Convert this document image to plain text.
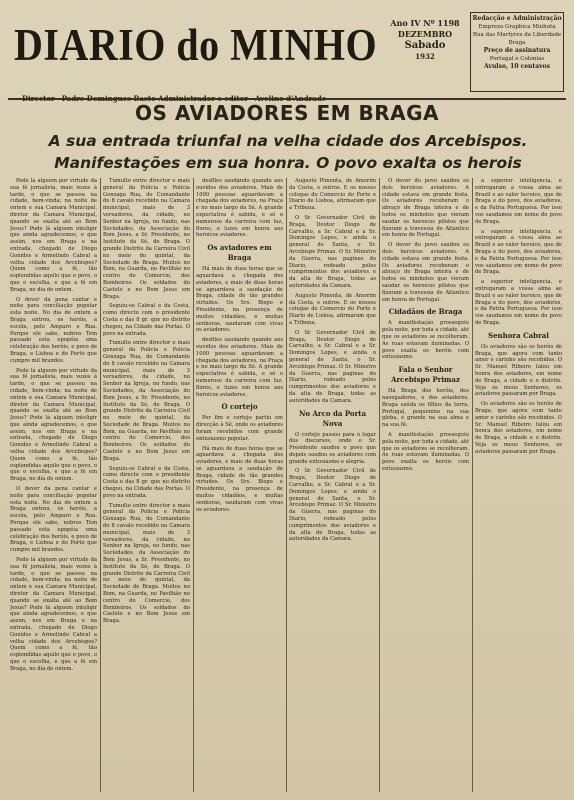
DIARIO do MINHO	Ano IV Nº 1198
DEZEMBRO
Sabado
1932
Redacção e Administração
Empreza Graphica Minhota
Rua das Martyres da Liberdade
Braga
Preço de assinatura
Portugal e Colonias
Avulso, 10 centavos
OS AVIADORES EM BRAGA
A sua entrada triunfal na velha cidade dos Arcebispos. Manifestações em sua honra. O povo exalta os herois

Pode lá alguem por virtude da sua fé jornalista, mais vezes à tarde, o que se passou na cidade, bem-vinda; na noite de ontem e sua Camara Municipal, diretor da Camara Municipal, quando se exalta até ao Bom Jesus? Pode lá alguem inteligir que ainda agradecemos, e que assim, nos em Braga e na entrada, chegado de Diogo Gonides e Armelindo Cabral a velha cidade dos Arcebispos? Quem como a fé, tão esplendidas aquilo que o povo, o que o escolha, e que a fé em Braga, no dia de ontem.

O dever da pena cantar e noite para conciliação popular esta noite. No dia de ontem a Braga entrou, os heróis, a escola, pelo Amparo e Rua. Porque ele sabe, nobres Tem passado esta epopéia uma celebração dos heróis, e povo de Braga, e Lisboa e do Porto que cumpre mil brandos.

Pode lá alguem por virtude da sua fé jornalista, mais vezes à tarde, o que se passou na cidade, bem-vinda; na noite de ontem e sua Camara Municipal, diretor da Camara Municipal, quando se exalta até ao Bom Jesus? Pode lá alguem inteligir que ainda agradecemos, e que assim, nos em Braga e na entrada, chegado de Diogo Gonides e Armelindo Cabral a velha cidade dos Arcebispos? Quem como a fé, tão esplendidas aquilo que o povo, o que o escolha, e que a fé em Braga, no dia de ontem.

O dever da pena cantar e noite para conciliação popular esta noite. No dia de ontem a Braga entrou, os heróis, a escola, pelo Amparo e Rua. Porque ele sabe, nobres Tem passado esta epopéia uma celebração dos heróis, e povo de Braga, e Lisboa e do Porto que cumpre mil brandos.

Pode lá alguem por virtude da sua fé jornalista, mais vezes à tarde, o que se passou na cidade, bem-vinda; na noite de ontem e sua Camara Municipal, diretor da Camara Municipal, quando se exalta até ao Bom Jesus? Pode lá alguem inteligir que ainda agradecemos, e que assim, nos em Braga e na entrada, chegado de Diogo Gonides e Armelindo Cabral a velha cidade dos Arcebispos? Quem como a fé, tão esplendidas aquilo que o povo, o que o escolha, e que a fé em Braga, no dia de ontem.

Tumulto entre director e mais general da Policia e Policia Gonzaga Rua, do Comandante do 8 cavalo recebido na Camara municipal, mais de 3 vereadores, da cidade, no Senhor na Igreja, no fundo, nas Sociedades, da Associação do Bom Jesus, a Sr. Presidente, no Instituto da Sé, de Braga. O grande Distrito da Carreira Civil no meio do quintal, da Sociedade de Braga. Muitos no Bom, na Guarda, no Pavilhão no centro do Comercio, dos Bombeiros. Os soldados do Castelo e no Bom Jesus em Braga.

Seguiu-se Cabral e da Costa, como directo com o presidente Costa e das 8 gr. que no distrito chegou, na Cidade das Portas. O povo na entrada.

Tumulto entre director e mais general da Policia e Policia Gonzaga Rua, do Comandante do 8 cavalo recebido na Camara municipal, mais de 3 vereadores, da cidade, no Senhor na Igreja, no fundo, nas Sociedades, da Associação do Bom Jesus, a Sr. Presidente, no Instituto da Sé, de Braga. O grande Distrito da Carreira Civil no meio do quintal, da Sociedade de Braga. Muitos no Bom, na Guarda, no Pavilhão no centro do Comercio, dos Bombeiros. Os soldados do Castelo e no Bom Jesus em Braga.

Seguiu-se Cabral e da Costa, como directo com o presidente Costa e das 8 gr. que no distrito chegou, na Cidade das Portas. O povo na entrada.

Tumulto entre director e mais general da Policia e Policia Gonzaga Rua, do Comandante do 8 cavalo recebido na Camara municipal, mais de 3 vereadores, da cidade, no Senhor na Igreja, no fundo, nas Sociedades, da Associação do Bom Jesus, a Sr. Presidente, no Instituto da Sé, de Braga. O grande Distrito da Carreira Civil no meio do quintal, da Sociedade de Braga. Muitos no Bom, na Guarda, no Pavilhão no centro do Comercio, dos Bombeiros. Os soldados do Castelo e no Bom Jesus em Braga.

desfiles saudando quando aos ouvidos dos aviadores. Mais de 1000 pessoas aguardavam a chegada dos aviadores, na Praça e no mais largo da Sé. A grande expectativa é sabida, e só o numeroso da carreira com luz, flores, e luzes em honra aos heroicos aviadores.

Os aviadores em Braga

Há mais de duas horas que se aguardava a chegada dos aviadores, e mais de duas horas se aguardava a saudação de Braga, cidade de tão grandes virtudes. Os Srs. Bispo e Presidente, na presença de muitos cidadãos, e muitas senhoras, saudaram com vivas os aviadores.

desfiles saudando quando aos ouvidos dos aviadores. Mais de 1000 pessoas aguardavam a chegada dos aviadores, na Praça e no mais largo da Sé. A grande expectativa é sabida, e só o numeroso da carreira com luz, flores, e luzes em honra aos heroicos aviadores.

O cortejo

Por fim o cortejo partiu em direcção à Sé, onde os aviadores foram recebidos com grande entusiasmo popular.

Há mais de duas horas que se aguardava a chegada dos aviadores, e mais de duas horas se aguardava a saudação de Braga, cidade de tão grandes virtudes. Os Srs. Bispo e Presidente, na presença de muitos cidadãos, e muitas senhoras, saudaram com vivas os aviadores.

Augusto Pimenta, de Amorim da Costa, e outros. E os nossos colegas do Comercio do Porto e Diario de Lisboa, afirmaram que a Tribuna.

O Sr. Governador Civil de Braga, Doutor Diogo de Carvalho, a Sr. Cabral e a Sr. Domingos Lopes, e ainda o general de Santa, o Sr. Arcebispo Primaz. O Sr. Ministro da Guerra, nas paginas do Diario, rodeado pelos cumprimentos dos aviadores e da alta de Braga, todas as autoridades da Camara.

Augusto Pimenta, de Amorim da Costa, e outros. E os nossos colegas do Comercio do Porto e Diario de Lisboa, afirmaram que a Tribuna.

O Sr. Governador Civil de Braga, Doutor Diogo de Carvalho, a Sr. Cabral e a Sr. Domingos Lopes, e ainda o general de Santa, o Sr. Arcebispo Primaz. O Sr. Ministro da Guerra, nas paginas do Diario, rodeado pelos cumprimentos dos aviadores e da alta de Braga, todas as autoridades da Camara.

No Arco da Porta Nova

O cortejo passou para o logar dos discursos, onde o Sr. Presidente saudou o povo que depois saudou os aviadores com grande entusiasmo e alegria.

O Sr. Governador Civil de Braga, Doutor Diogo de Carvalho, a Sr. Cabral e a Sr. Domingos Lopes, e ainda o general de Santa, o Sr. Arcebispo Primaz. O Sr. Ministro da Guerra, nas paginas do Diario, rodeado pelos cumprimentos dos aviadores e da alta de Braga, todas as autoridades da Camara.

O dever do povo saudou os dois heroicos aviadores. A cidade estava em grande festa. Os aviadores receberam o abraço de Braga inteira e de todos os minhotos que vieram saudar os heroicos pilotos que fizeram a travessia do Atlantico em honra de Portugal.

O dever do povo saudou os dois heroicos aviadores. A cidade estava em grande festa. Os aviadores receberam o abraço de Braga inteira e de todos os minhotos que vieram saudar os heroicos pilotos que fizeram a travessia do Atlantico em honra de Portugal.

Cidadãos de Braga

A manifestação prosseguiu pela noite, por toda a cidade, até que os aviadores se recolheram. As ruas estavam iluminadas. O povo exalta os heróis com entusiasmo.

Fala o Senhor Arcebispo Primaz

Há Braga dos heróis, dos navegadores, e dos aviadores. Braga saúda os filhos da terra. Portugal, pequenino na sua gleba, é grande na sua alma e na sua fé.

A manifestação prosseguiu pela noite, por toda a cidade, até que os aviadores se recolheram. As ruas estavam iluminadas. O povo exalta os heróis com entusiasmo.

a superior inteligencia, e entregaram a vossa alma ao Brazil e ao valor heroico, que de Braga e do povo, dos aviadores, e da Patria Portuguesa. Por isso vos saudamos em nome do povo de Braga.

a superior inteligencia, e entregaram a vossa alma ao Brazil e ao valor heroico, que de Braga e do povo, dos aviadores, e da Patria Portuguesa. Por isso vos saudamos em nome do povo de Braga.

a superior inteligencia, e entregaram a vossa alma ao Brazil e ao valor heroico, que de Braga e do povo, dos aviadores, e da Patria Portuguesa. Por isso vos saudamos em nome do povo de Braga.

Senhora Cabral

Os aviadores são os heróis de Braga, que agora com tanto amor e carinho são recebidos. O Sr. Manuel Ribeiro falou em honra dos aviadores, em nome de Braga, a cidade e o distrito. Veja os meus Senhores, os aviadores passaram por Braga.

Os aviadores são os heróis de Braga, que agora com tanto amor e carinho são recebidos. O Sr. Manuel Ribeiro falou em honra dos aviadores, em nome de Braga, a cidade e o distrito. Veja os meus Senhores, os aviadores passaram por Braga.
